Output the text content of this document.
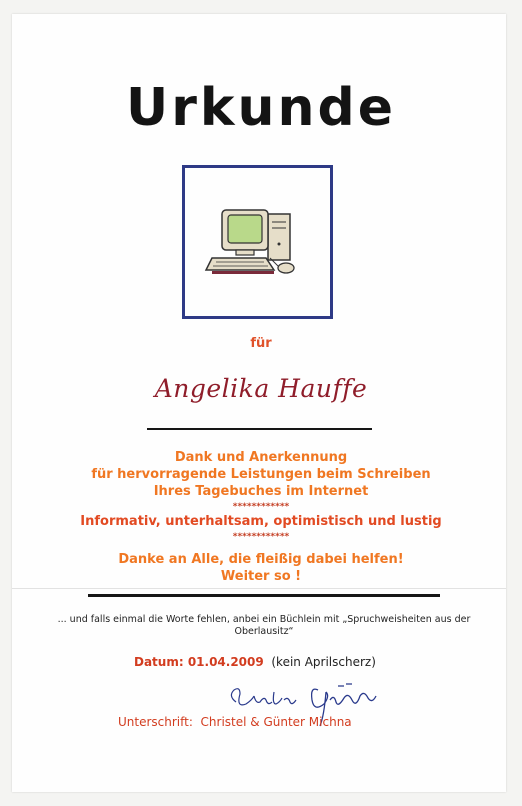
Urkunde
für
Angelika Hauffe
Dank und Anerkennung
für hervorragende Leistungen beim Schreiben
Ihres Tagebuches im Internet
************
Informativ, unterhaltsam, optimistisch und lustig
************
Danke an Alle, die fleißig dabei helfen!
Weiter so !
... und falls einmal die Worte fehlen, anbei ein Büchlein mit „Spruchweisheiten aus der
Oberlausitz“
Datum: 01.04.2009 (kein Aprilscherz)
Unterschrift: Christel & Günter Michna
